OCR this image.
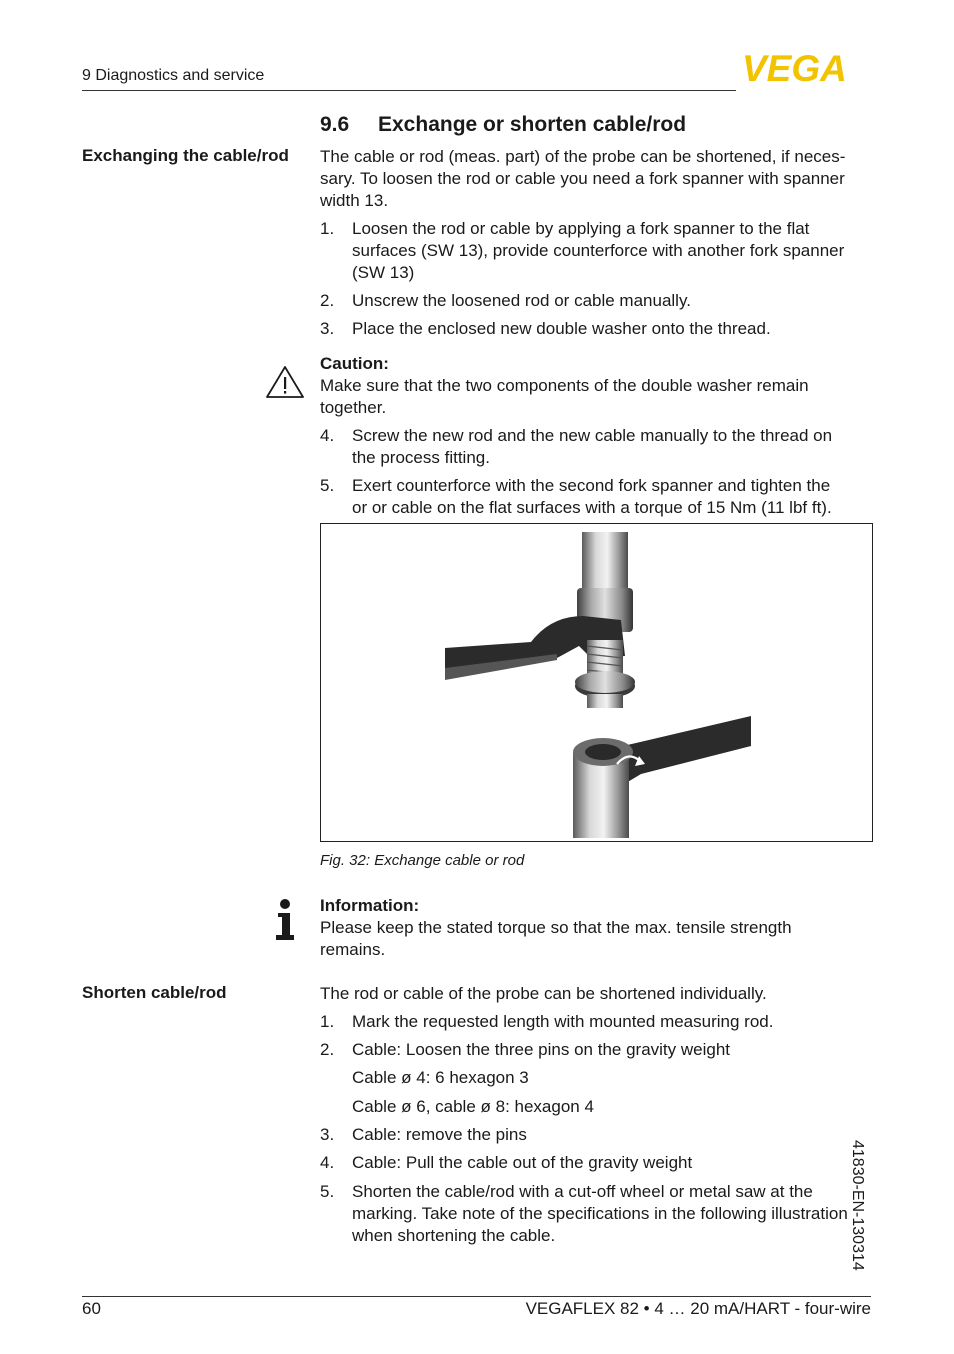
9 Diagnostics and service	VEGA
9.6 Exchange or shorten cable/rod
Exchanging the cable/rod The cable or rod (meas. part) of the probe can be shortened, if neces-
sary. To loosen the rod or cable you need a fork spanner with spanner
width 13.
1.	Loosen the rod or cable by applying a fork spanner to the flat
surfaces (SW 13), provide counterforce with another fork spanner
(SW 13)
2.	Unscrew the loosened rod or cable manually.
3.	Place the enclosed new double washer onto the thread.
Caution:
Make sure that the two components of the double washer remain
together.
4.	Screw the new rod and the new cable manually to the thread on
the process fitting.
5.	Exert counterforce with the second fork spanner and tighten the
or or cable on the flat surfaces with a torque of 15 Nm (11 lbf ft).
Fig. 32: Exchange cable or rod
Information:
Please keep the stated torque so that the max. tensile strength
remains.
Shorten cable/rod	The rod or cable of the probe can be shortened individually.
1.	Mark the requested length with mounted measuring rod.
2.	Cable: Loosen the three pins on the gravity weight
Cable ø 4: 6 hexagon 3
Cable ø 6, cable ø 8: hexagon 4
3.	Cable: remove the pins
4.	Cable: Pull the cable out of the gravity weight
5.	Shorten the cable/rod with a cut-off wheel or metal saw at the
marking. Take note of the specifications in the following illustration
when shortening the cable.	41830-EN-130314
60	VEGAFLEX 82 • 4 … 20 mA/HART - four-wire
